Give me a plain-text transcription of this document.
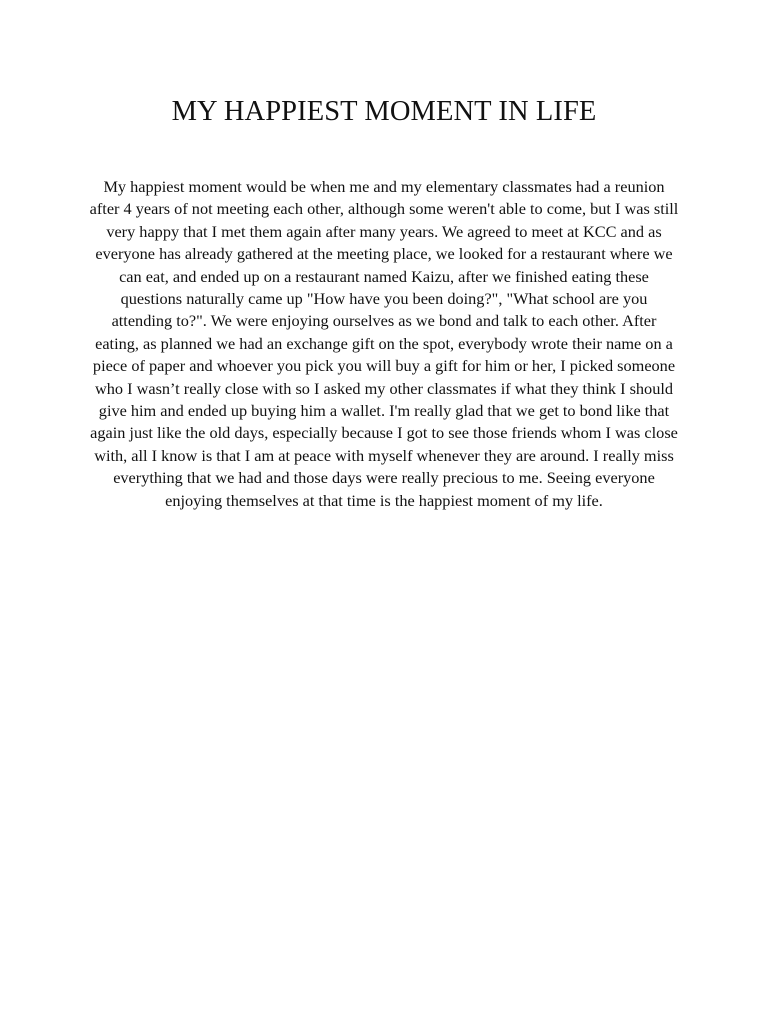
MY HAPPIEST MOMENT IN LIFE

My happiest moment would be when me and my elementary classmates had a reunion after 4 years of not meeting each other, although some weren't able to come, but I was still very happy that I met them again after many years. We agreed to meet at KCC and as everyone has already gathered at the meeting place, we looked for a restaurant where we can eat, and ended up on a restaurant named Kaizu, after we finished eating these questions naturally came up "How have you been doing?", "What school are you attending to?". We were enjoying ourselves as we bond and talk to each other. After eating, as planned we had an exchange gift on the spot, everybody wrote their name on a piece of paper and whoever you pick you will buy a gift for him or her, I picked someone who I wasn’t really close with so I asked my other classmates if what they think I should give him and ended up buying him a wallet. I'm really glad that we get to bond like that again just like the old days, especially because I got to see those friends whom I was close with, all I know is that I am at peace with myself whenever they are around. I really miss everything that we had and those days were really precious to me. Seeing everyone enjoying themselves at that time is the happiest moment of my life.
